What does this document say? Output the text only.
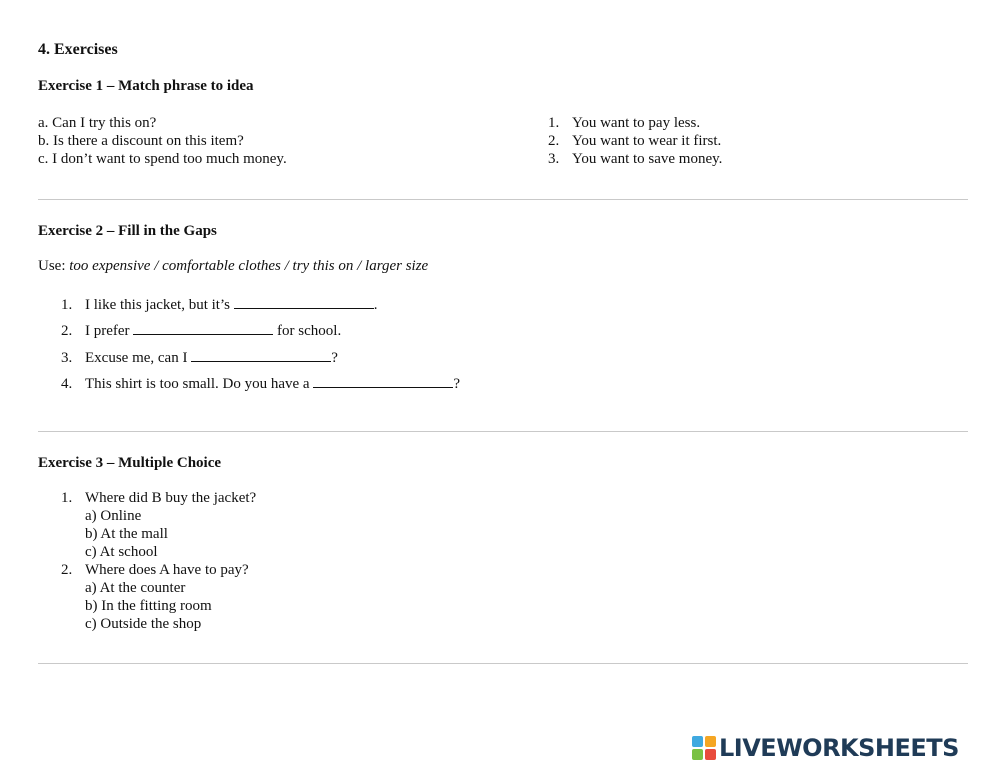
4. Exercises
Exercise 1 – Match phrase to idea
a. Can I try this on?
b. Is there a discount on this item?
c. I don’t want to spend too much money.
1. You want to pay less.
2. You want to wear it first.
3. You want to save money.
Exercise 2 – Fill in the Gaps
Use: too expensive / comfortable clothes / try this on / larger size
1. I like this jacket, but it’s	.
2. I prefer	for school.
3. Excuse me, can I	?
4. This shirt is too small. Do you have a	?
Exercise 3 – Multiple Choice
1. Where did B buy the jacket?
a) Online
b) At the mall
c) At school
2. Where does A have to pay?
a) At the counter
b) In the fitting room
c) Outside the shop
LIVEWORKSHEETS
